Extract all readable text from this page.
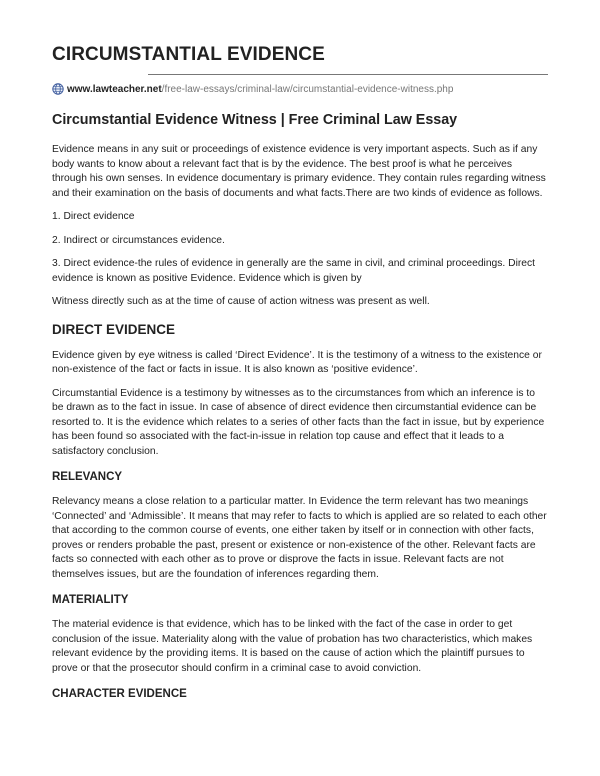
CIRCUMSTANTIAL EVIDENCE
www.lawteacher.net /free-law-essays/criminal-law/circumstantial-evidence-witness.php
Circumstantial Evidence Witness | Free Criminal Law Essay

Evidence means in any suit or proceedings of existence evidence is very important aspects. Such as if any body wants to know about a relevant fact that is by the evidence. The best proof is what he perceives through his own senses. In evidence documentary is primary evidence. They contain rules regarding witness and their examination on the basis of documents and what facts.There are two kinds of evidence as follows.

1. Direct evidence

2. Indirect or circumstances evidence.

3. Direct evidence-the rules of evidence in generally are the same in civil, and criminal proceedings. Direct evidence is known as positive Evidence. Evidence which is given by

Witness directly such as at the time of cause of action witness was present as well.

DIRECT EVIDENCE

Evidence given by eye witness is called ‘Direct Evidence’. It is the testimony of a witness to the existence or non-existence of the fact or facts in issue. It is also known as ‘positive evidence’.

Circumstantial Evidence is a testimony by witnesses as to the circumstances from which an inference is to be drawn as to the fact in issue. In case of absence of direct evidence then circumstantial evidence can be resorted to. It is the evidence which relates to a series of other facts than the fact in issue, but by experience has been found so associated with the fact-in-issue in relation top cause and effect that it leads to a satisfactory conclusion.

RELEVANCY

Relevancy means a close relation to a particular matter. In Evidence the term relevant has two meanings ‘Connected’ and ‘Admissible’. It means that may refer to facts to which is applied are so related to each other that according to the common course of events, one either taken by itself or in connection with other facts, proves or renders probable the past, present or existence or non-existence of the other. Relevant facts are facts so connected with each other as to prove or disprove the facts in issue. Relevant facts are not themselves issues, but are the foundation of inferences regarding them.

MATERIALITY

The material evidence is that evidence, which has to be linked with the fact of the case in order to get conclusion of the issue. Materiality along with the value of probation has two characteristics, which makes relevant evidence by the providing items. It is based on the cause of action which the plaintiff pursues to prove or that the prosecutor should confirm in a criminal case to avoid conviction.

CHARACTER EVIDENCE
